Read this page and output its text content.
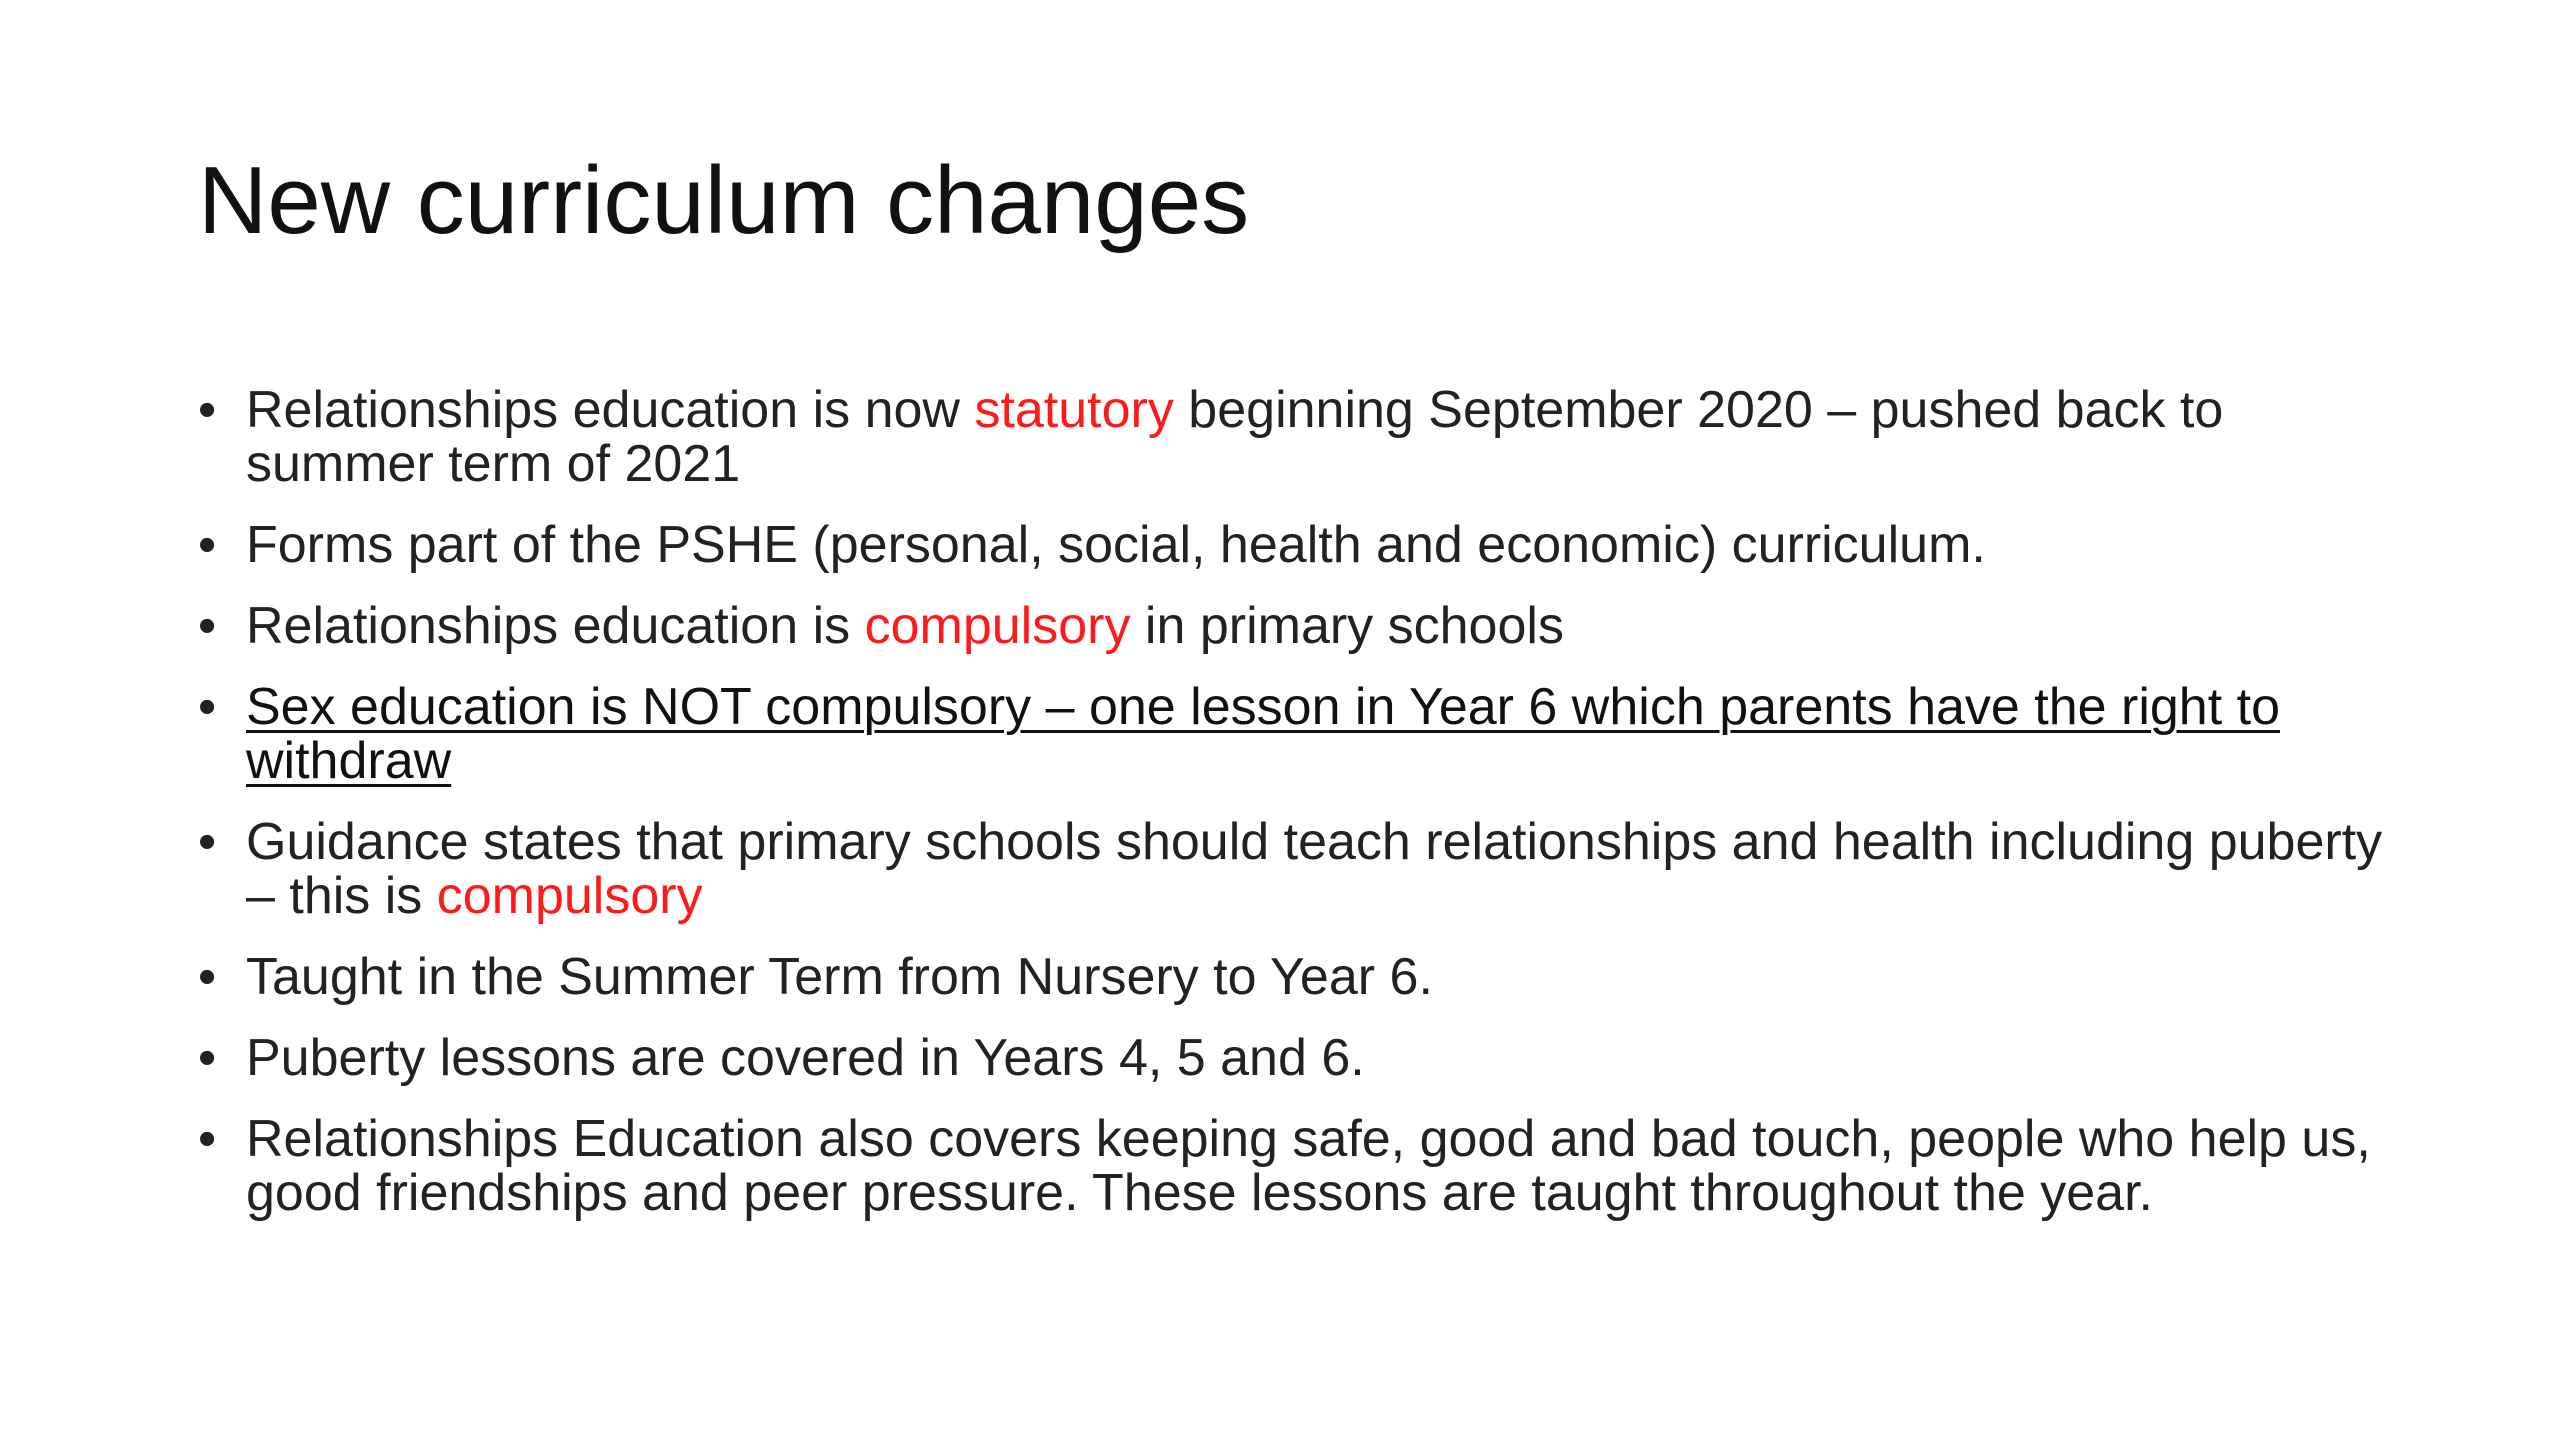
New curriculum changes
• Relationships education is now statutory beginning September 2020 – pushed back to summer term of 2021
• Forms part of the PSHE (personal, social, health and economic) curriculum.
• Relationships education is compulsory in primary schools
• Sex education is NOT compulsory – one lesson in Year 6 which parents have the right to withdraw
• Guidance states that primary schools should teach relationships and health including puberty – this is compulsory
• Taught in the Summer Term from Nursery to Year 6.
• Puberty lessons are covered in Years 4, 5 and 6.
• Relationships Education also covers keeping safe, good and bad touch, people who help us, good friendships and peer pressure. These lessons are taught throughout the year.
